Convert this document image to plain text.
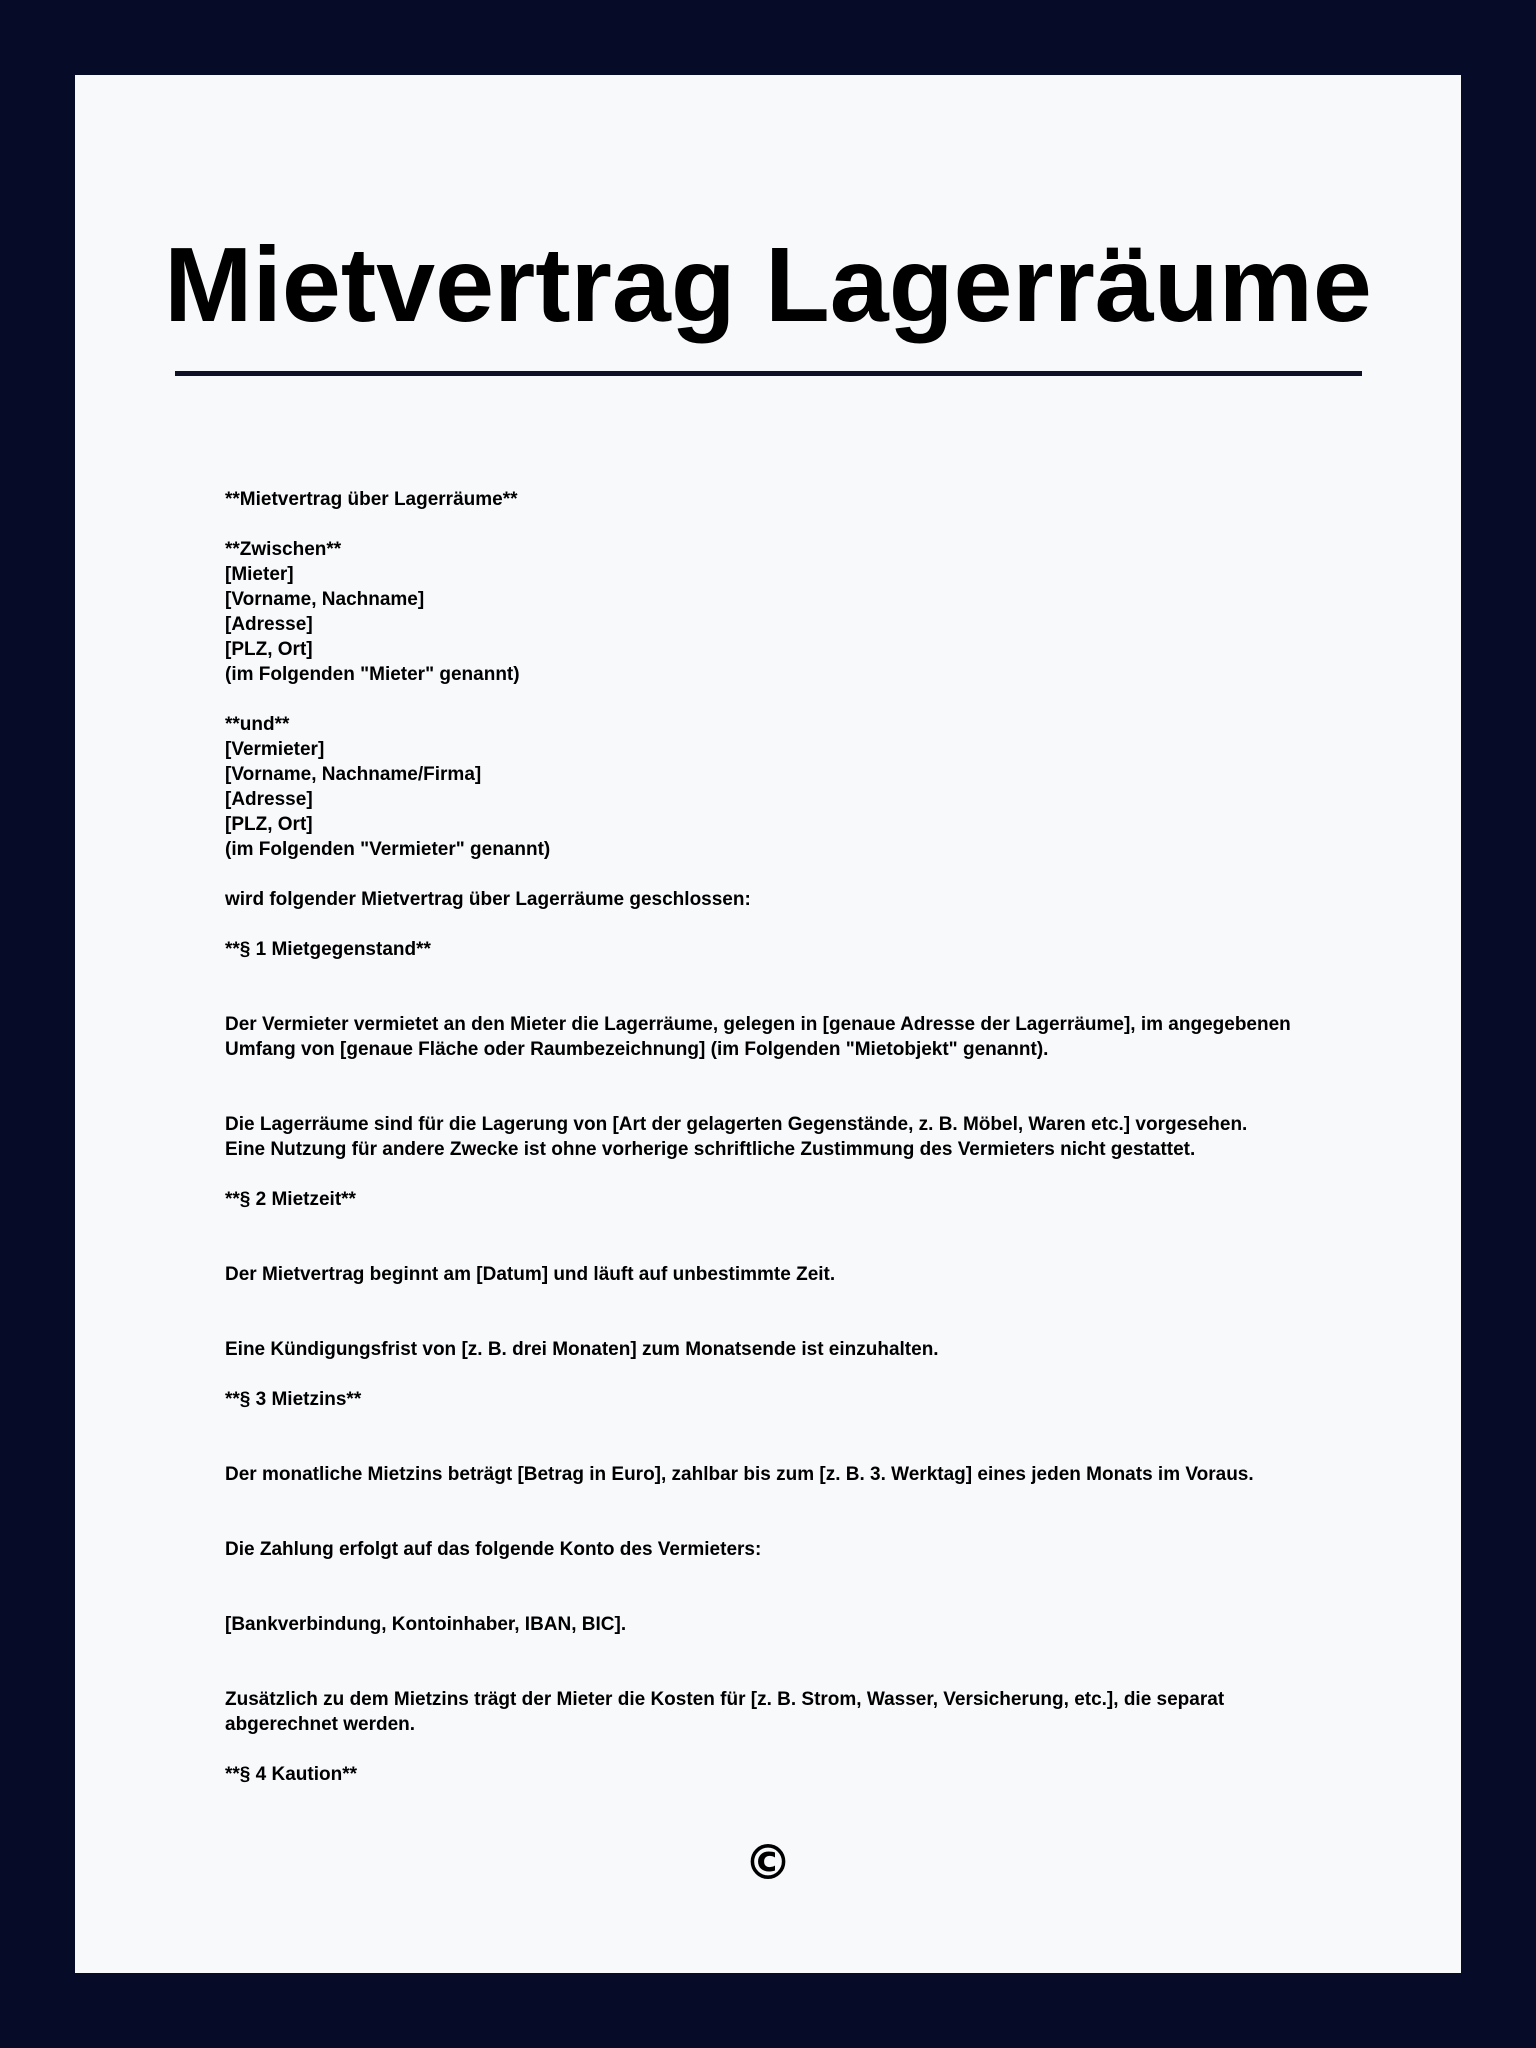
Mietvertrag Lagerräume
**Mietvertrag über Lagerräume**
**Zwischen**
[Mieter]
[Vorname, Nachname]
[Adresse]
[PLZ, Ort]
(im Folgenden "Mieter" genannt)
**und**
[Vermieter]
[Vorname, Nachname/Firma]
[Adresse]
[PLZ, Ort]
(im Folgenden "Vermieter" genannt)
wird folgender Mietvertrag über Lagerräume geschlossen:
**§ 1 Mietgegenstand**
Der Vermieter vermietet an den Mieter die Lagerräume, gelegen in [genaue Adresse der Lagerräume], im angegebenen
Umfang von [genaue Fläche oder Raumbezeichnung] (im Folgenden "Mietobjekt" genannt).
Die Lagerräume sind für die Lagerung von [Art der gelagerten Gegenstände, z. B. Möbel, Waren etc.] vorgesehen.
Eine Nutzung für andere Zwecke ist ohne vorherige schriftliche Zustimmung des Vermieters nicht gestattet.
**§ 2 Mietzeit**
Der Mietvertrag beginnt am [Datum] und läuft auf unbestimmte Zeit.
Eine Kündigungsfrist von [z. B. drei Monaten] zum Monatsende ist einzuhalten.
**§ 3 Mietzins**
Der monatliche Mietzins beträgt [Betrag in Euro], zahlbar bis zum [z. B. 3. Werktag] eines jeden Monats im Voraus.
Die Zahlung erfolgt auf das folgende Konto des Vermieters:
[Bankverbindung, Kontoinhaber, IBAN, BIC].
Zusätzlich zu dem Mietzins trägt der Mieter die Kosten für [z. B. Strom, Wasser, Versicherung, etc.], die separat
abgerechnet werden.
**§ 4 Kaution**
©
